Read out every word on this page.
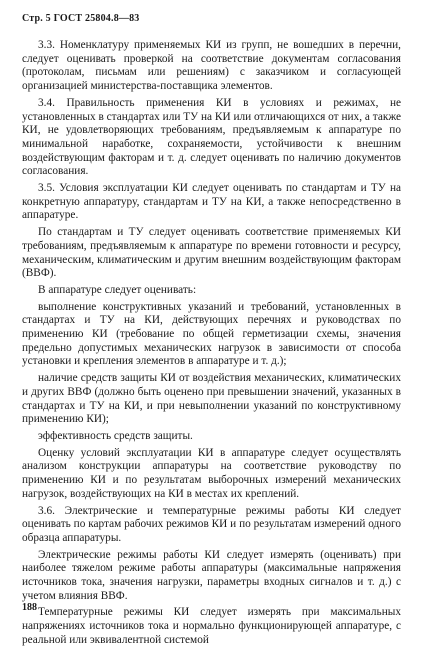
Стр. 5 ГОСТ 25804.8—83

3.3. Номенклатуру применяемых КИ из групп, не вошедших в перечни, следует оценивать проверкой на соответствие документам согласования (протоколам, письмам или решениям) с заказчиком и согласующей организацией министерства-поставщика элементов.

3.4. Правильность применения КИ в условиях и режимах, не установленных в стандартах или ТУ на КИ или отличающихся от них, а также КИ, не удовлетворяющих требованиям, предъявляемым к аппаратуре по минимальной наработке, сохраняемости, устойчивости к внешним воздействующим факторам и т. д. следует оценивать по наличию документов согласования.

3.5. Условия эксплуатации КИ следует оценивать по стандартам и ТУ на конкретную аппаратуру, стандартам и ТУ на КИ, а также непосредственно в аппаратуре.

По стандартам и ТУ следует оценивать соответствие применяемых КИ требованиям, предъявляемым к аппаратуре по времени готовности и ресурсу, механическим, климатическим и другим внешним воздействующим факторам (ВВФ).

В аппаратуре следует оценивать:

выполнение конструктивных указаний и требований, установленных в стандартах и ТУ на КИ, действующих перечнях и руководствах по применению КИ (требование по общей герметизации схемы, значения предельно допустимых механических нагрузок в зависимости от способа установки и крепления элементов в аппаратуре и т. д.);

наличие средств защиты КИ от воздействия механических, климатических и других ВВФ (должно быть оценено при превышении значений, указанных в стандартах и ТУ на КИ, и при невыполнении указаний по конструктивному применению КИ);

эффективность средств защиты.

Оценку условий эксплуатации КИ в аппаратуре следует осуществлять анализом конструкции аппаратуры на соответствие руководству по применению КИ и по результатам выборочных измерений механических нагрузок, воздействующих на КИ в местах их креплений.

3.6. Электрические и температурные режимы работы КИ следует оценивать по картам рабочих режимов КИ и по результатам измерений одного образца аппаратуры.

Электрические режимы работы КИ следует измерять (оценивать) при наиболее тяжелом режиме работы аппаратуры (максимальные напряжения источников тока, значения нагрузки, параметры входных сигналов и т. д.) с учетом влияния ВВФ.

Температурные режимы КИ следует измерять при максимальных напряжениях источников тока и нормально функционирующей аппаратуре, с реальной или эквивалентной системой

188
